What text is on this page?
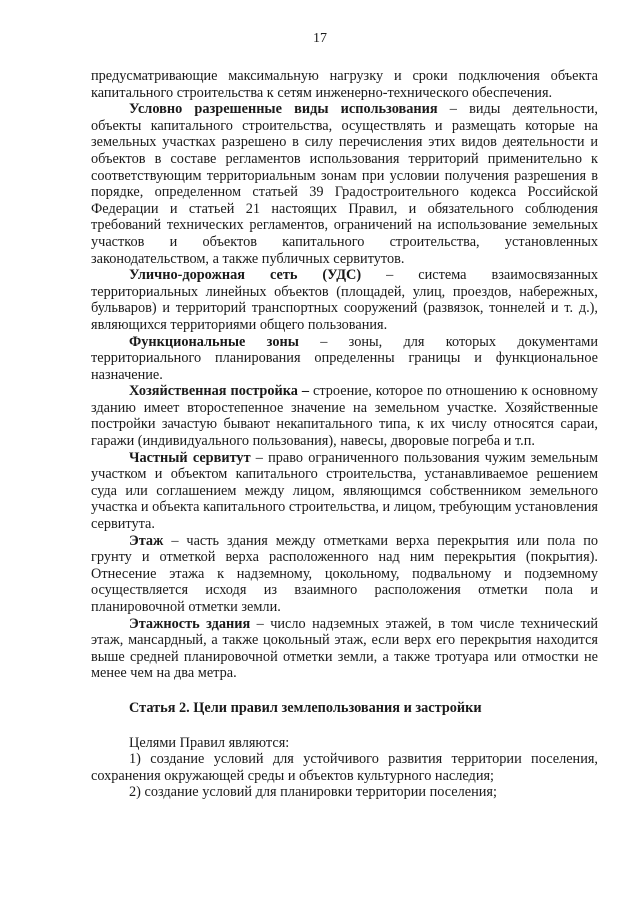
17

предусматривающие максимальную нагрузку и сроки подключения объекта капитального строительства к сетям инженерно-технического обеспечения.

Условно разрешенные виды использования – виды деятельности, объекты капитального строительства, осуществлять и размещать которые на земельных участках разрешено в силу перечисления этих видов деятельности и объектов в составе регламентов использования территорий применительно к соответствующим территориальным зонам при условии получения разрешения в порядке, определенном статьей 39 Градостроительного кодекса Российской Федерации и статьей 21 настоящих Правил, и обязательного соблюдения требований технических регламентов, ограничений на использование земельных участков и объектов капитального строительства, установленных законодательством, а также публичных сервитутов.

Улично-дорожная сеть (УДС) – система взаимосвязанных территориальных линейных объектов (площадей, улиц, проездов, набережных, бульваров) и территорий транспортных сооружений (развязок, тоннелей и т. д.), являющихся территориями общего пользования.

Функциональные зоны – зоны, для которых документами территориального планирования определенны границы и функциональное назначение.

Хозяйственная постройка – строение, которое по отношению к основному зданию имеет второстепенное значение на земельном участке. Хозяйственные постройки зачастую бывают некапитального типа, к их числу относятся сараи, гаражи (индивидуального пользования), навесы, дворовые погреба и т.п.

Частный сервитут – право ограниченного пользования чужим земельным участком и объектом капитального строительства, устанавливаемое решением суда или соглашением между лицом, являющимся собственником земельного участка и объекта капитального строительства, и лицом, требующим установления сервитута.

Этаж – часть здания между отметками верха перекрытия или пола по грунту и отметкой верха расположенного над ним перекрытия (покрытия). Отнесение этажа к надземному, цокольному, подвальному и подземному осуществляется исходя из взаимного расположения отметки пола и планировочной отметки земли.

Этажность здания – число надземных этажей, в том числе технический этаж, мансардный, а также цокольный этаж, если верх его перекрытия находится выше средней планировочной отметки земли, а также тротуара или отмостки не менее чем на два метра.

Статья 2. Цели правил землепользования и застройки

Целями Правил являются:

1) создание условий для устойчивого развития территории поселения, сохранения окружающей среды и объектов культурного наследия;

2) создание условий для планировки территории поселения;
